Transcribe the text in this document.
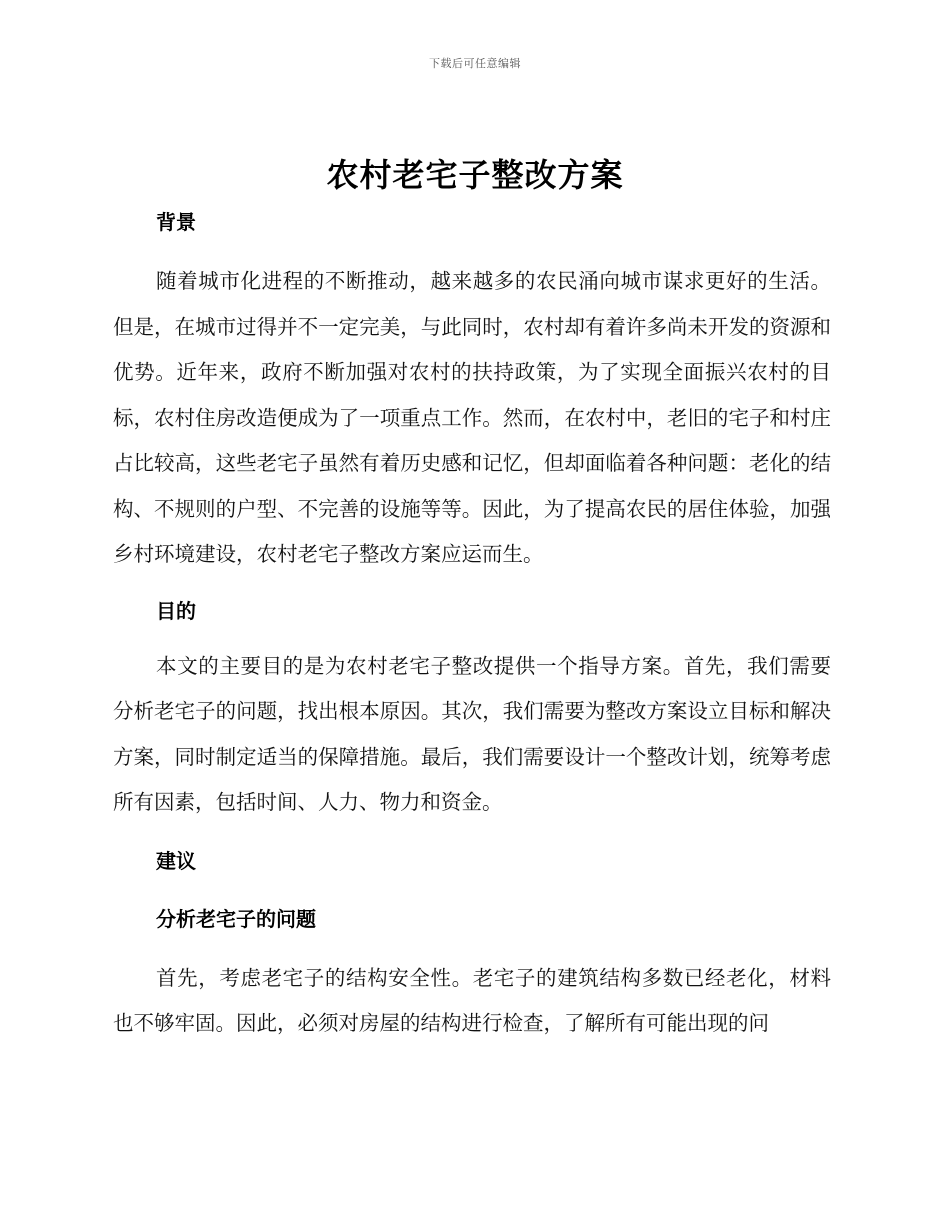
下载后可任意编辑
农村老宅子整改方案
背景

随着城市化进程的不断推动，越来越多的农民涌向城市谋求更好的生活。但是，在城市过得并不一定完美，与此同时，农村却有着许多尚未开发的资源和优势。近年来，政府不断加强对农村的扶持政策，为了实现全面振兴农村的目标，农村住房改造便成为了一项重点工作。然而，在农村中，老旧的宅子和村庄占比较高，这些老宅子虽然有着历史感和记忆，但却面临着各种问题：老化的结构、不规则的户型、不完善的设施等等。因此，为了提高农民的居住体验，加强乡村环境建设，农村老宅子整改方案应运而生。

目的

本文的主要目的是为农村老宅子整改提供一个指导方案。首先，我们需要分析老宅子的问题，找出根本原因。其次，我们需要为整改方案设立目标和解决方案，同时制定适当的保障措施。最后，我们需要设计一个整改计划，统筹考虑所有因素，包括时间、人力、物力和资金。

建议
分析老宅子的问题

首先，考虑老宅子的结构安全性。老宅子的建筑结构多数已经老化，材料也不够牢固。因此，必须对房屋的结构进行检查，了解所有可能出现的问
